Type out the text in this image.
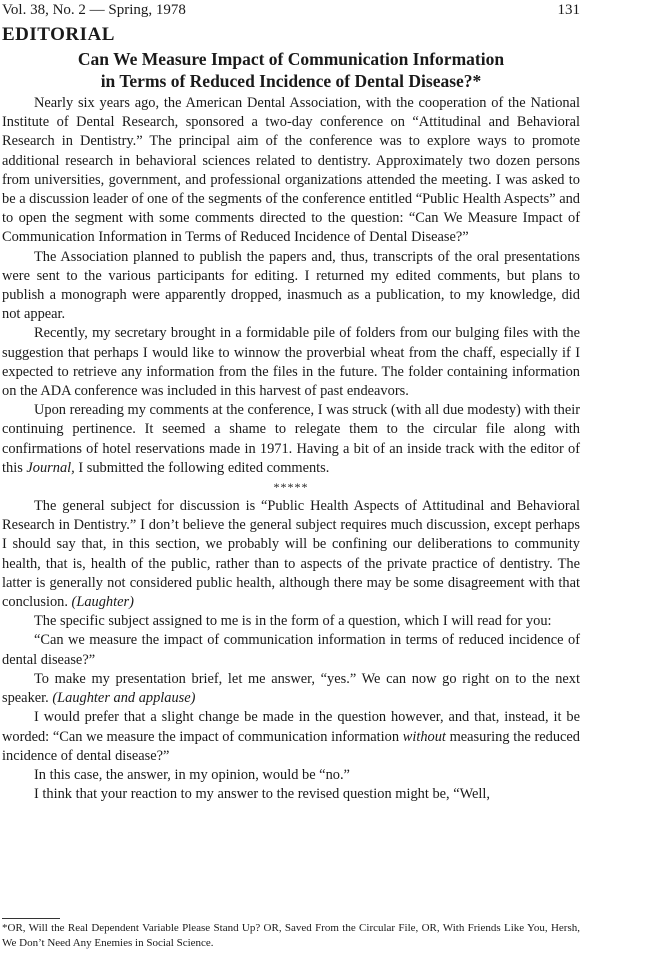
Vol. 38, No. 2 — Spring, 1978	131
EDITORIAL
Can We Measure Impact of Communication Information
in Terms of Reduced Incidence of Dental Disease?*

Nearly six years ago, the American Dental Association, with the cooperation of the National Institute of Dental Research, sponsored a two-day conference on “Attitudinal and Behavioral Research in Dentistry.” The principal aim of the conference was to explore ways to promote additional research in behavioral sciences related to dentistry. Approximately two dozen persons from universities, government, and professional organizations attended the meeting. I was asked to be a discussion leader of one of the segments of the conference entitled “Public Health Aspects” and to open the segment with some comments directed to the question: “Can We Measure Impact of Communication Information in Terms of Reduced Incidence of Dental Disease?”

The Association planned to publish the papers and, thus, transcripts of the oral presentations were sent to the various participants for editing. I returned my edited comments, but plans to publish a monograph were apparently dropped, inasmuch as a publication, to my knowledge, did not appear.

Recently, my secretary brought in a formidable pile of folders from our bulging files with the suggestion that perhaps I would like to winnow the proverbial wheat from the chaff, especially if I expected to retrieve any information from the files in the future. The folder containing information on the ADA conference was included in this harvest of past endeavors.

Upon rereading my comments at the conference, I was struck (with all due modesty) with their continuing pertinence. It seemed a shame to relegate them to the circular file along with confirmations of hotel reservations made in 1971. Having a bit of an inside track with the editor of this Journal, I submitted the following edited comments.

*****

The general subject for discussion is “Public Health Aspects of Attitudinal and Behavioral Research in Dentistry.” I don’t believe the general subject requires much discussion, except perhaps I should say that, in this section, we probably will be confining our deliberations to community health, that is, health of the public, rather than to aspects of the private practice of dentistry. The latter is generally not considered public health, although there may be some disagreement with that conclusion. (Laughter)

The specific subject assigned to me is in the form of a question, which I will read for you:

“Can we measure the impact of communication information in terms of reduced incidence of dental disease?”

To make my presentation brief, let me answer, “yes.” We can now go right on to the next speaker. (Laughter and applause)

I would prefer that a slight change be made in the question however, and that, instead, it be worded: “Can we measure the impact of communication information without measuring the reduced incidence of dental disease?”

In this case, the answer, in my opinion, would be “no.”

I think that your reaction to my answer to the revised question might be, “Well,

*OR, Will the Real Dependent Variable Please Stand Up? OR, Saved From the Circular File, OR, With Friends Like You, Hersh, We Don’t Need Any Enemies in Social Science.
